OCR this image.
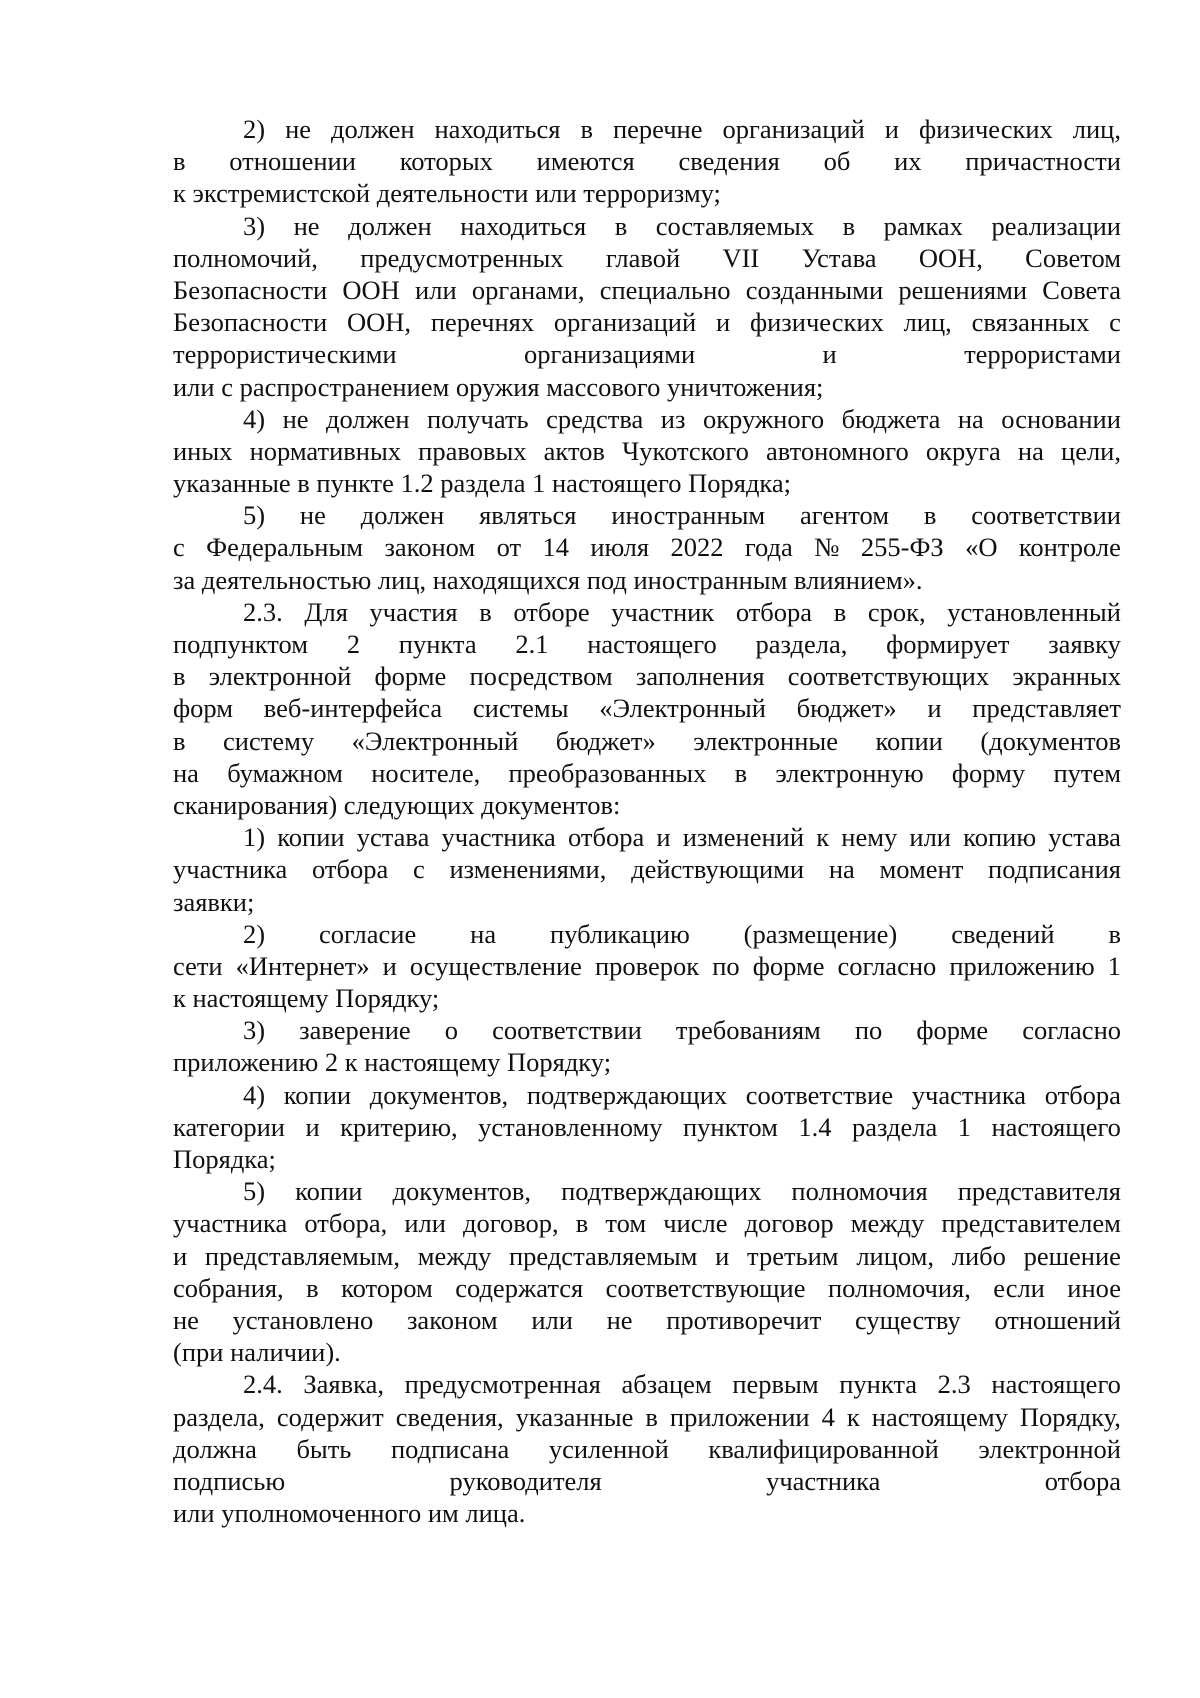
2) не должен находиться в перечне организаций и физических лиц,
в отношении которых имеются сведения об их причастности
к экстремистской деятельности или терроризму;
3) не должен находиться в составляемых в рамках реализации
полномочий, предусмотренных главой VII Устава ООН, Советом
Безопасности ООН или органами, специально созданными решениями Совета
Безопасности ООН, перечнях организаций и физических лиц, связанных с
террористическими	организациями	и	террористами
или с распространением оружия массового уничтожения;
4) не должен получать средства из окружного бюджета на основании
иных нормативных правовых актов Чукотского автономного округа на цели,
указанные в пункте 1.2 раздела 1 настоящего Порядка;
5) не должен являться иностранным агентом в соответствии
с Федеральным законом от 14 июля 2022 года № 255-ФЗ «О контроле
за деятельностью лиц, находящихся под иностранным влиянием».
2.3. Для участия в отборе участник отбора в срок, установленный
подпунктом 2 пункта 2.1 настоящего раздела, формирует заявку
в электронной форме посредством заполнения соответствующих экранных
форм веб-интерфейса системы «Электронный бюджет» и представляет
в систему «Электронный бюджет» электронные копии (документов
на бумажном носителе, преобразованных в электронную форму путем
сканирования) следующих документов:
1) копии устава участника отбора и изменений к нему или копию устава
участника отбора с изменениями, действующими на момент подписания
заявки;
2) согласие на публикацию (размещение) сведений в
сети «Интернет» и осуществление проверок по форме согласно приложению 1
к настоящему Порядку;
3) заверение о соответствии требованиям по форме согласно
приложению 2 к настоящему Порядку;
4) копии документов, подтверждающих соответствие участника отбора
категории и критерию, установленному пунктом 1.4 раздела 1 настоящего
Порядка;
5) копии документов, подтверждающих полномочия представителя
участника отбора, или договор, в том числе договор между представителем
и представляемым, между представляемым и третьим лицом, либо решение
собрания, в котором содержатся соответствующие полномочия, если иное
не установлено законом или не противоречит существу отношений
(при наличии).
2.4. Заявка, предусмотренная абзацем первым пункта 2.3 настоящего
раздела, содержит сведения, указанные в приложении 4 к настоящему Порядку,
должна быть подписана усиленной квалифицированной электронной
подписью	руководителя	участника	отбора
или уполномоченного им лица.
